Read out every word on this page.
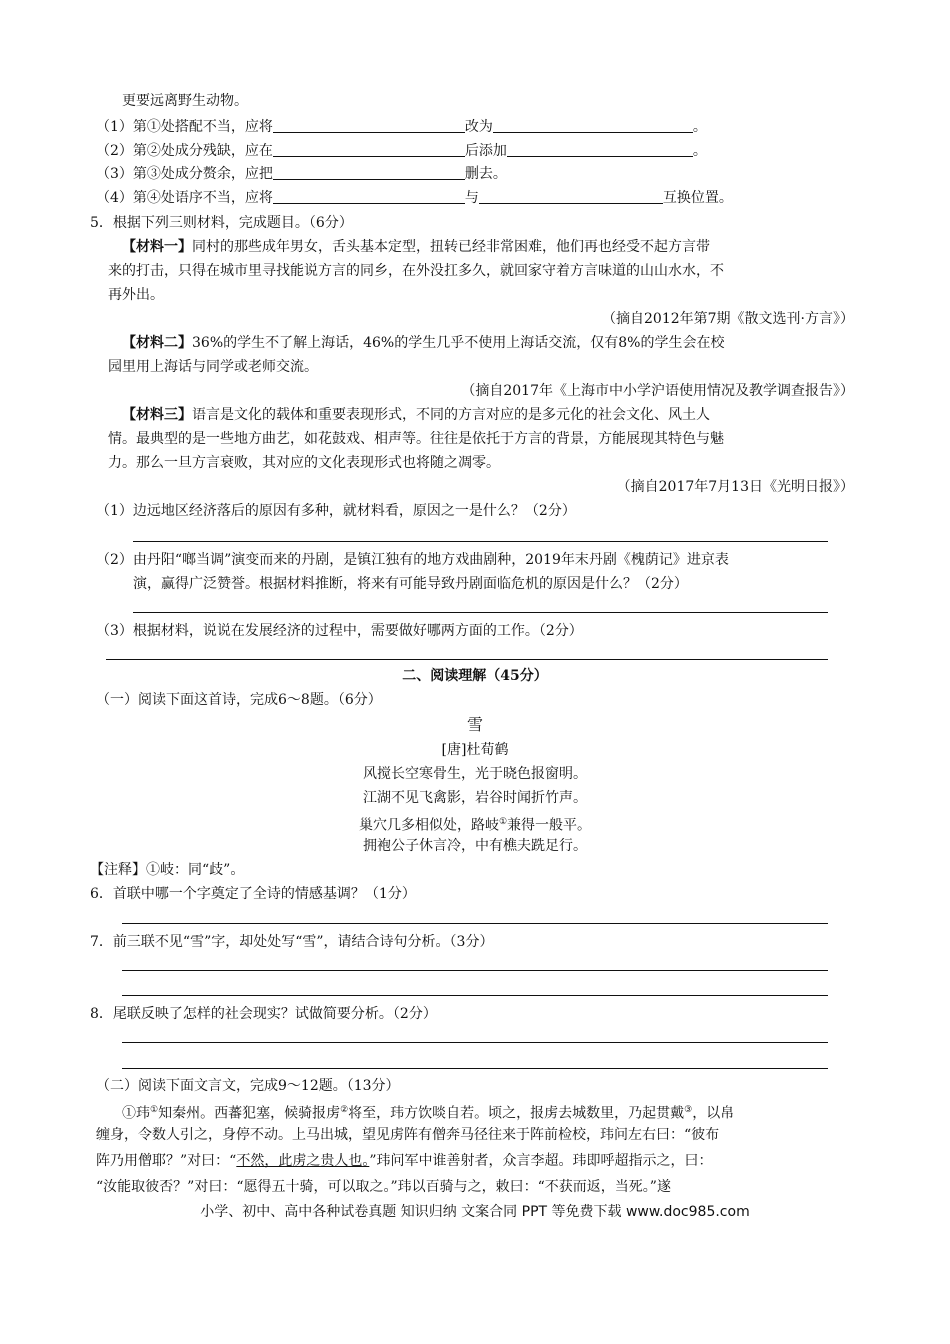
更要远离野生动物。
（1）第①处搭配不当，应将	改为	。
（2）第②处成分残缺，应在	后添加	。
（3）第③处成分赘余，应把	删去。
（4）第④处语序不当，应将	与	互换位置。
5．根据下列三则材料，完成题目。（6分）
【材料一】同村的那些成年男女，舌头基本定型，扭转已经非常困难，他们再也经受不起方言带
来的打击，只得在城市里寻找能说方言的同乡，在外没扛多久，就回家守着方言味道的山山水水，不
再外出。
（摘自2012年第7期《散文选刊·方言》）
【材料二】36%的学生不了解上海话，46%的学生几乎不使用上海话交流，仅有8%的学生会在校
园里用上海话与同学或老师交流。
（摘自2017年《上海市中小学沪语使用情况及教学调查报告》）
【材料三】语言是文化的载体和重要表现形式，不同的方言对应的是多元化的社会文化、风土人
情。最典型的是一些地方曲艺，如花鼓戏、相声等。往往是依托于方言的背景，方能展现其特色与魅
力。那么一旦方言衰败，其对应的文化表现形式也将随之凋零。
（摘自2017年7月13日《光明日报》）
（1）边远地区经济落后的原因有多种，就材料看，原因之一是什么？（2分）
（2）由丹阳“啷当调”演变而来的丹剧，是镇江独有的地方戏曲剧种，2019年末丹剧《槐荫记》进京表
演，赢得广泛赞誉。根据材料推断，将来有可能导致丹剧面临危机的原因是什么？（2分）
（3）根据材料，说说在发展经济的过程中，需要做好哪两方面的工作。（2分）
二、阅读理解（45分）
（一）阅读下面这首诗，完成6～8题。（6分）
雪
[唐]杜荀鹤
风搅长空寒骨生，光于晓色报窗明。
江湖不见飞禽影，岩谷时闻折竹声。
巢穴几多相似处，路岐①兼得一般平。
拥袍公子休言冷，中有樵夫跣足行。
【注释】①岐：同“歧”。
6．首联中哪一个字奠定了全诗的情感基调？（1分）
7．前三联不见“雪”字，却处处写“雪”，请结合诗句分析。（3分）
8．尾联反映了怎样的社会现实？试做简要分析。（2分）
（二）阅读下面文言文，完成9～12题。（13分）
①玮①知秦州。西蕃犯塞，候骑报虏②将至，玮方饮啖自若。顷之，报虏去城数里，乃起贯戴③，以帛
缠身，令数人引之，身停不动。上马出城，望见虏阵有僧奔马径往来于阵前检校，玮问左右曰：“彼布
阵乃用僧耶？”对曰：“不然，此虏之贵人也。”玮问军中谁善射者，众言李超。玮即呼超指示之，曰：
“汝能取彼否？”对曰：“愿得五十骑，可以取之。”玮以百骑与之，敕曰：“不获而返，当死。”遂
小学、初中、高中各种试卷真题 知识归纳 文案合同 PPT 等免费下载 www.doc985.com
